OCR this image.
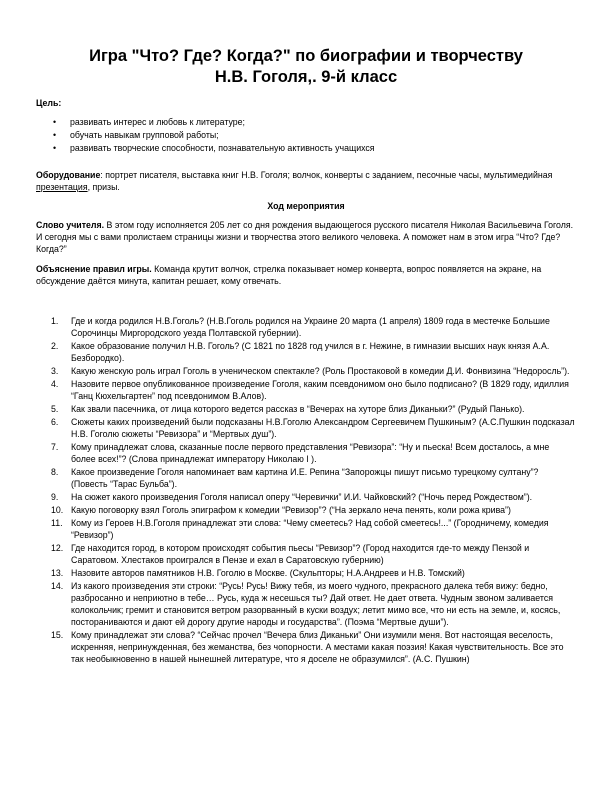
Игра "Что? Где? Когда?" по биографии и творчеству
Н.В. Гоголя,. 9-й класс

Цель:

• развивать интерес и любовь к литературе;
• обучать навыкам групповой работы;
• развивать творческие способности, познавательную активность учащихся

Оборудование: портрет писателя, выставка книг Н.В. Гоголя; волчок, конверты с заданием, песочные часы, мультимедийная презентация, призы.

Ход мероприятия

Слово учителя. В этом году исполняется 205 лет со дня рождения выдающегося русского писателя Николая Васильевича Гоголя. И сегодня мы с вами пролистаем страницы жизни и творчества этого великого человека. А поможет нам в этом игра “Что? Где? Когда?”

Объяснение правил игры. Команда крутит волчок, стрелка показывает номер конверта, вопрос появляется на экране, на обсуждение даётся минута, капитан решает, кому отвечать.

1. Где и когда родился Н.В.Гоголь? (Н.В.Гоголь родился на Украине 20 марта (1 апреля) 1809 года в местечке Большие Сорочинцы Миргородского уезда Полтавской губернии).
2. Какое образование получил Н.В. Гоголь? (С 1821 по 1828 год учился в г. Нежине, в гимназии высших наук князя А.А. Безбородко).
3. Какую женскую роль играл Гоголь в ученическом спектакле? (Роль Простаковой в комедии Д.И. Фонвизина “Недоросль”).
4. Назовите первое опубликованное произведение Гоголя, каким псевдонимом оно было подписано? (В 1829 году, идиллия “Ганц Кюхельгартен” под псевдонимом В.Алов).
5. Как звали пасечника, от лица которого ведется рассказ в “Вечерах на хуторе близ Диканьки?” (Рудый Панько).
6. Сюжеты каких произведений были подсказаны Н.В.Гоголю Александром Сергеевичем Пушкиным? (А.С.Пушкин подсказал Н.В. Гоголю сюжеты “Ревизора” и “Мертвых душ”).
7. Кому принадлежат слова, сказанные после первого представления “Ревизора”: “Ну и пьеска! Всем досталось, а мне более всех!”? (Слова принадлежат императору Николаю I ).
8. Какое произведение Гоголя напоминает вам картина И.Е. Репина “Запорожцы пишут письмо турецкому султану”? (Повесть “Тарас Бульба”).
9. На сюжет какого произведения Гоголя написал оперу “Черевички” И.И. Чайковский? (“Ночь перед Рождеством”).
10. Какую поговорку взял Гоголь эпиграфом к комедии “Ревизор”? (“На зеркало неча пенять, коли рожа крива”)
11. Кому из Героев Н.В.Гоголя принадлежат эти слова: “Чему смеетесь? Над собой смеетесь!...” (Городничему, комедия “Ревизор”)
12. Где находится город, в котором происходят события пьесы “Ревизор”? (Город находится где-то между Пензой и Саратовом. Хлестаков проигрался в Пензе и ехал в Саратовскую губернию)
13. Назовите авторов памятников Н.В. Гоголю в Москве. (Скульпторы; Н.А.Андреев и Н.В. Томский)
14. Из какого произведения эти строки: “Русь! Русь! Вижу тебя, из моего чудного, прекрасного далека тебя вижу: бедно, разбросанно и неприютно в тебе… Русь, куда ж несешься ты? Дай ответ. Не дает ответа. Чудным звоном заливается колокольчик; гремит и становится ветром разорванный в куски воздух; летит мимо все, что ни есть на земле, и, косясь, постораниваются и дают ей дорогу другие народы и государства”. (Поэма “Мертвые души”).
15. Кому принадлежат эти слова? “Сейчас прочел “Вечера близ Диканьки” Они изумили меня. Вот настоящая веселость, искренняя, непринужденная, без жеманства, без чопорности. А местами какая поэзия! Какая чувствительность. Все это так необыкновенно в нашей нынешней литературе, что я доселе не образумился”. (А.С. Пушкин)
